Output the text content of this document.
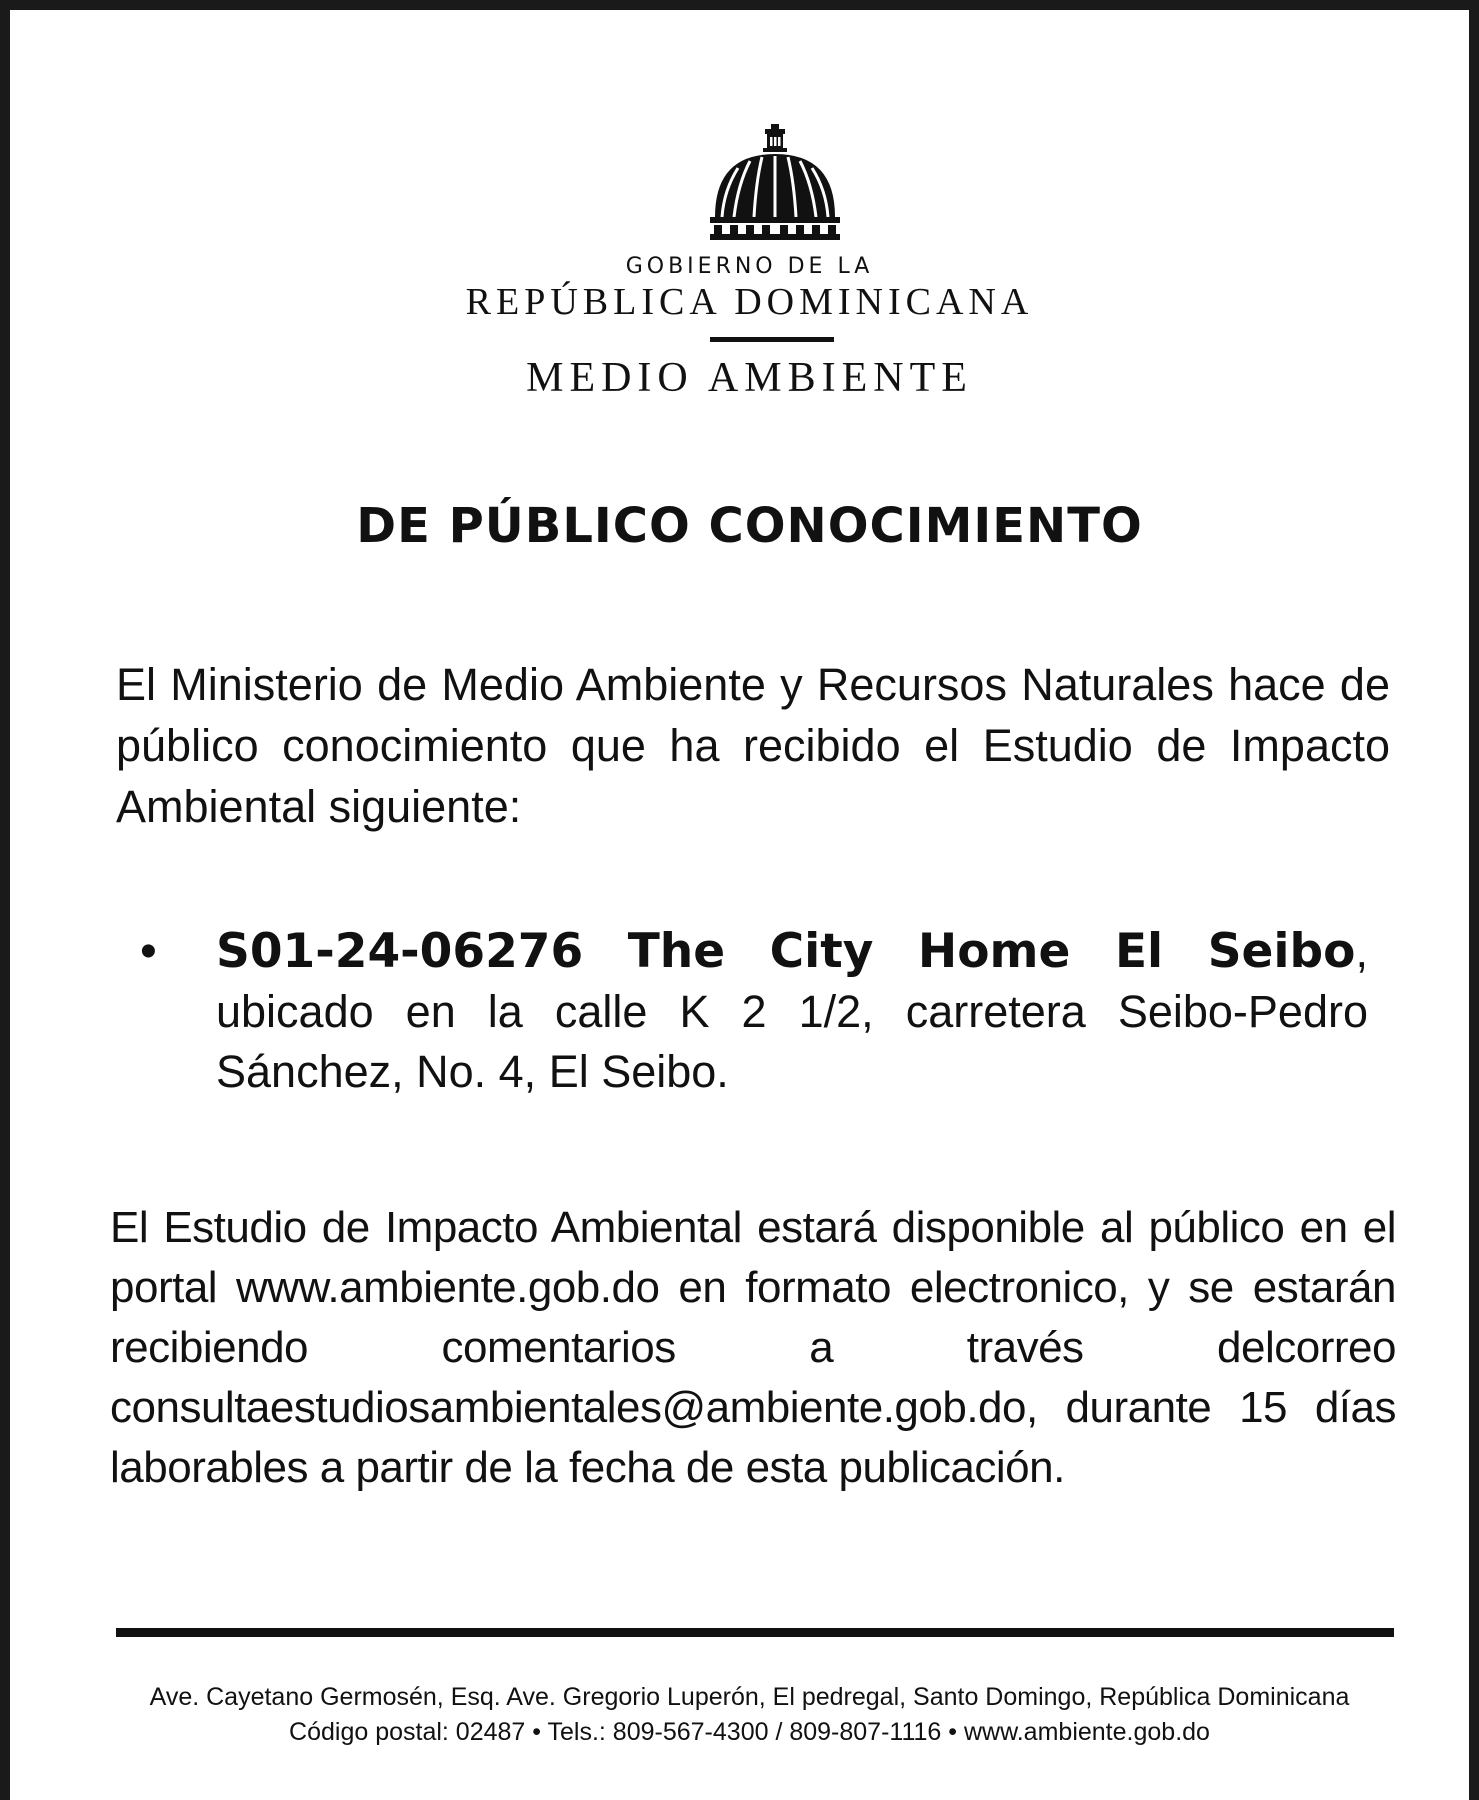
GOBIERNO DE LA
REPÚBLICA DOMINICANA
MEDIO AMBIENTE
DE PÚBLICO CONOCIMIENTO
El Ministerio de Medio Ambiente y Recursos Naturales hace de público conocimiento que ha recibido el Estudio de Impacto Ambiental siguiente:
• S01-24-06276 The City Home El Seibo, ubicado en la calle K 2 1/2, carretera Seibo-Pedro Sánchez, No. 4, El Seibo.
El Estudio de Impacto Ambiental estará disponible al público en el portal www.ambiente.gob.do en formato electronico, y se estarán recibiendo comentarios a través delcorreo consultaestudiosambientales@ambiente.gob.do, durante 15 días laborables a partir de la fecha de esta publicación.
Ave. Cayetano Germosén, Esq. Ave. Gregorio Luperón, El pedregal, Santo Domingo, República Dominicana
Código postal: 02487 • Tels.: 809-567-4300 / 809-807-1116 • www.ambiente.gob.do
